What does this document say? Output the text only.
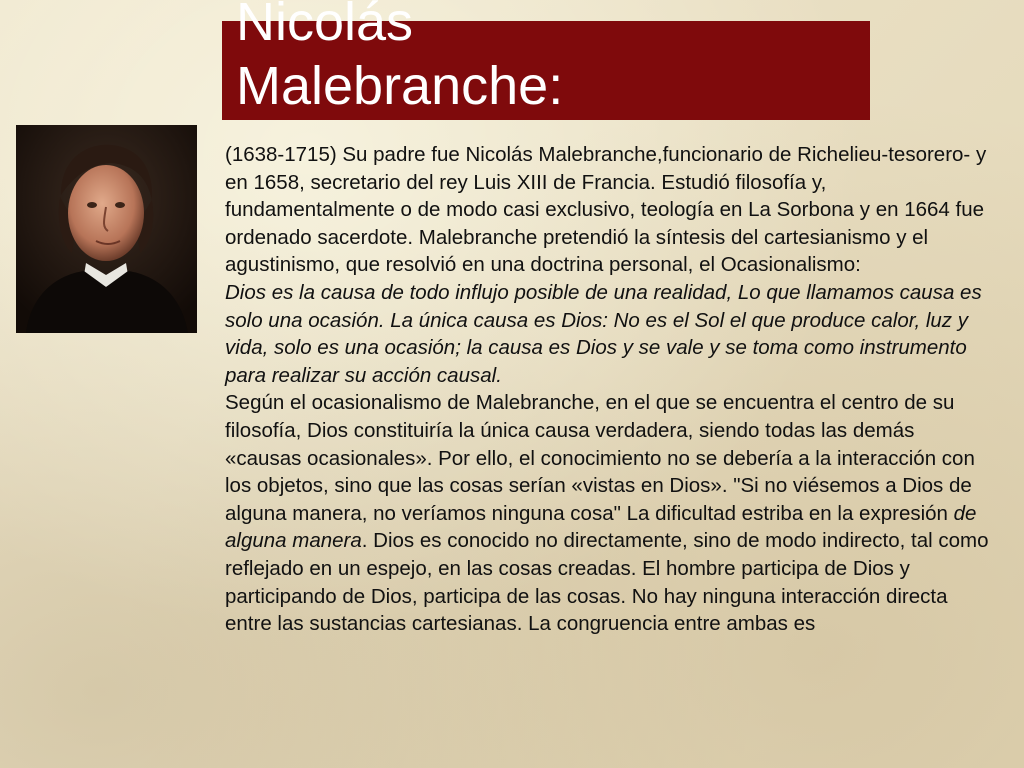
Nicolás
Malebranche:

(1638-1715) Su padre fue Nicolás Malebranche,funcionario de Richelieu-tesorero- y en 1658, secretario del rey Luis XIII de Francia. Estudió filosofía y, fundamentalmente o de modo casi exclusivo, teología en La Sorbona y en 1664 fue ordenado sacerdote. Malebranche pretendió la síntesis del cartesianismo y el agustinismo, que resolvió en una doctrina personal, el Ocasionalismo:

Dios es la causa de todo influjo posible de una realidad, Lo que llamamos causa es solo una ocasión. La única causa es Dios: No es el Sol el que produce calor, luz y vida, solo es una ocasión; la causa es Dios y se vale y se toma como instrumento para realizar su acción causal.

Según el ocasionalismo de Malebranche, en el que se encuentra el centro de su filosofía, Dios constituiría la única causa verdadera, siendo todas las demás «causas ocasionales». Por ello, el conocimiento no se debería a la interacción con los objetos, sino que las cosas serían «vistas en Dios». "Si no viésemos a Dios de alguna manera, no veríamos ninguna cosa" La dificultad estriba en la expresión de alguna manera. Dios es conocido no directamente, sino de modo indirecto, tal como reflejado en un espejo, en las cosas creadas. El hombre participa de Dios y participando de Dios, participa de las cosas. No hay ninguna interacción directa entre las sustancias cartesianas. La congruencia entre ambas es
